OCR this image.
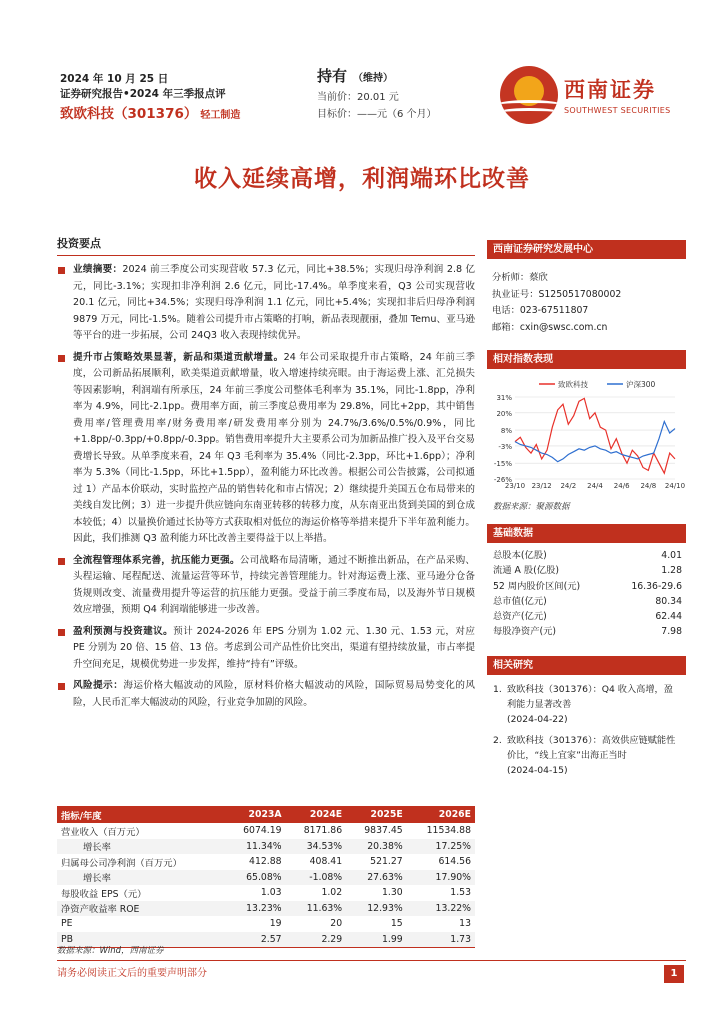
2024 年 10 月 25 日
证券研究报告•2024 年三季报点评
致欧科技（301376） 轻工制造
持有 （维持）
当前价：20.01 元
目标价：——元（6 个月）
西南证券
SOUTHWEST SECURITIES
收入延续高增，利润端环比改善
投资要点
业绩摘要：2024 前三季度公司实现营收 57.3 亿元，同比+38.5%；实现归母净利润 2.8 亿元，同比-3.1%；实现扣非净利润 2.6 亿元，同比-17.4%。单季度来看，Q3 公司实现营收 20.1 亿元，同比+34.5%；实现归母净利润 1.1 亿元，同比+5.4%；实现扣非后归母净利润 9879 万元，同比-1.5%。随着公司提升市占策略的打响，新品表现靓丽，叠加 Temu、亚马逊等平台的进一步拓展，公司 24Q3 收入表现持续优异。
提升市占策略效果显著，新品和渠道贡献增量。24 年公司采取提升市占策略，24 年前三季度，公司新品拓展顺利，欧美渠道贡献增量，收入增速持续亮眼。由于海运费上涨、汇兑损失等因素影响，利润端有所承压，24 年前三季度公司整体毛利率为 35.1%，同比-1.8pp，净利率为 4.9%，同比-2.1pp。费用率方面，前三季度总费用率为 29.8%，同比+2pp，其中销售费用率/管理费用率/财务费用率/研发费用率分别为 24.7%/3.6%/0.5%/0.9%，同比+1.8pp/-0.3pp/+0.8pp/-0.3pp。销售费用率提升大主要系公司为加新品推广投入及平台交易费增长导致。从单季度来看，24 年 Q3 毛利率为 35.4%（同比-2.3pp，环比+1.6pp）；净利率为 5.3%（同比-1.5pp，环比+1.5pp），盈利能力环比改善。根据公司公告披露，公司拟通过 1）产品本价联动，实时监控产品的销售转化和市占情况；2）继续提升美国五仓布局带来的美线自发比例；3）进一步提升供应链向东南亚转移的转移力度，从东南亚出货到美国的到仓成本较低；4）以量换价通过长协等方式获取相对低位的海运价格等举措来提升下半年盈利能力。因此，我们推测 Q3 盈利能力环比改善主要得益于以上举措。
全流程管理体系完善，抗压能力更强。公司战略布局清晰，通过不断推出新品，在产品采购、头程运输、尾程配送、流量运营等环节，持续完善管理能力。针对海运费上涨、亚马逊分仓备货规则改变、流量费用提升等运营的抗压能力更强。受益于前三季度布局，以及海外节日规模效应增强，预期 Q4 利润端能够进一步改善。
盈利预测与投资建议。预计 2024-2026 年 EPS 分别为 1.02 元、1.30 元、1.53 元，对应 PE 分别为 20 倍、15 倍、13 倍。考虑到公司产品性价比突出，渠道有望持续放量，市占率提升空间充足，规模优势进一步发挥，维持“持有”评级。
风险提示：海运价格大幅波动的风险，原材料价格大幅波动的风险，国际贸易局势变化的风险，人民币汇率大幅波动的风险，行业竞争加剧的风险。
指标/年度	2023A	2024E	2025E	2026E
营业收入（百万元）	6074.19	8171.86	9837.45	11534.88
增长率	11.34%	34.53%	20.38%	17.25%
归属母公司净利润（百万元）	412.88	408.41	521.27	614.56
增长率	65.08%	-1.08%	27.63%	17.90%
每股收益 EPS（元）	1.03	1.02	1.30	1.53
净资产收益率 ROE	13.23%	11.63%	12.93%	13.22%
PE	19	20	15	13
PB	2.57	2.29	1.99	1.73
数据来源：Wind，西南证券
西南证券研究发展中心
分析师：蔡欣
执业证号：S1250517080002
电话：023-67511807
邮箱：cxin@swsc.com.cn
相对指数表现
31%
20%
8%
-3%
-15%
-26%
23/10 23/12 24/2 24/4 24/6 24/8 24/10
致欧科技	沪深300
数据来源：聚源数据
基础数据
总股本(亿股)	4.01
流通 A 股(亿股)	1.28
52 周内股价区间(元)	16.36-29.6
总市值(亿元)	80.34
总资产(亿元)	62.44
每股净资产(元)	7.98
相关研究
1. 致欧科技（301376）：Q4 收入高增，盈
利能力显著改善
(2024-04-22)
2. 致欧科技（301376）：高效供应链赋能性
价比，“线上宜家”出海正当时
(2024-04-15)
请务必阅读正文后的重要声明部分	1
